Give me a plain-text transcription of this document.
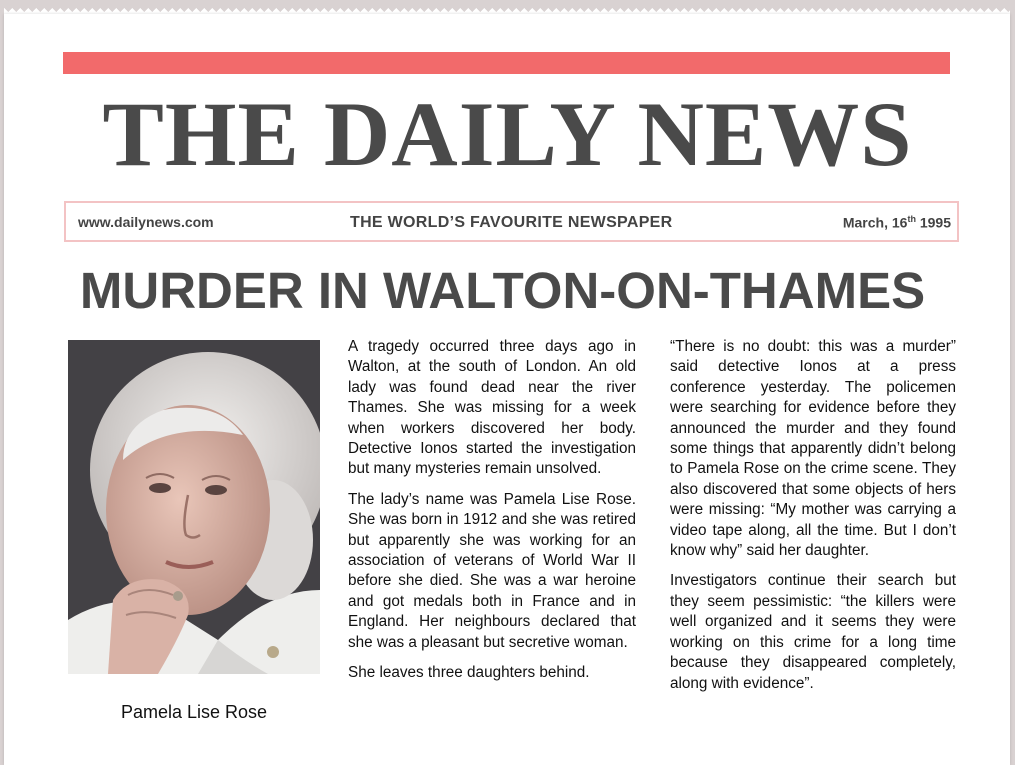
THE DAILY NEWS
www.dailynews.com	THE WORLD’S FAVOURITE NEWSPAPER	March, 16th 1995
MURDER IN WALTON-ON-THAMES
Pamela Lise Rose

A tragedy occurred three days ago in Walton, at the south of London. An old lady was found dead near the river Thames. She was missing for a week when workers discovered her body. Detective Ionos started the investigation but many mysteries remain unsolved.

The lady’s name was Pamela Lise Rose. She was born in 1912 and she was retired but apparently she was working for an association of veterans of World War II before she died. She was a war heroine and got medals both in France and in England. Her neighbours declared that she was a pleasant but secretive woman.

She leaves three daughters behind.

“There is no doubt: this was a murder” said detective Ionos at a press conference yesterday. The policemen were searching for evidence before they announced the murder and they found some things that apparently didn’t belong to Pamela Rose on the crime scene. They also discovered that some objects of hers were missing: “My mother was carrying a video tape along, all the time. But I don’t know why” said her daughter.

Investigators continue their search but they seem pessimistic: “the killers were well organized and it seems they were working on this crime for a long time because they disappeared completely, along with evidence”.
